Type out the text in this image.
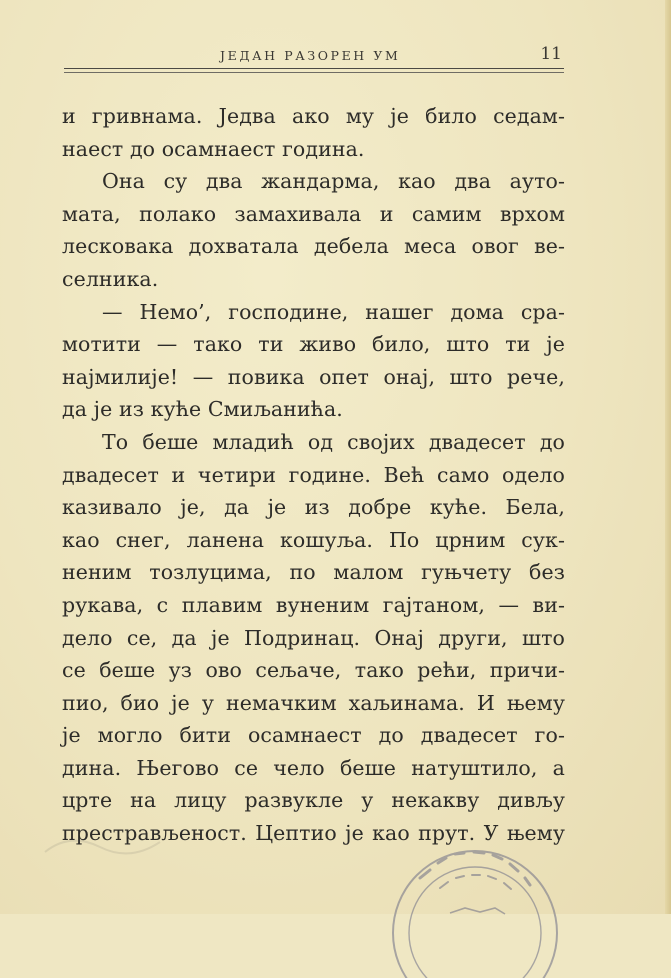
ЈЕДАН РАЗОРЕН УМ	11
и гривнама. Једва ако му је било седам-
наест до осамнаест година.
Она су два жандарма, као два ауто-
мата, полако замахивала и самим врхом
лесковака дохватала дебела меса овог ве-
селника.
— Немо’, господине, нашег дома сра-
мотити — тако ти живо било, што ти је
најмилије! — повика опет онај, што рече,
да је из куће Смиљанића.
То беше младић од својих двадесет до
двадесет и четири године. Већ само одело
казивало је, да је из добре куће. Бела,
као снег, ланена кошуља. По црним сук-
неним тозлуцима, по малом гуњчету без
рукава, с плавим вуненим гајтаном, — ви-
дело се, да је Подринац. Онај други, што
се беше уз ово сељаче, тако рећи, причи-
пио, био је у немачким хаљинама. И њему
је могло бити осамнаест до двадесет го-
дина. Његово се чело беше натуштило, а
црте на лицу развукле у некакву дивљу
престрављеност. Цептио је као прут. У њему
